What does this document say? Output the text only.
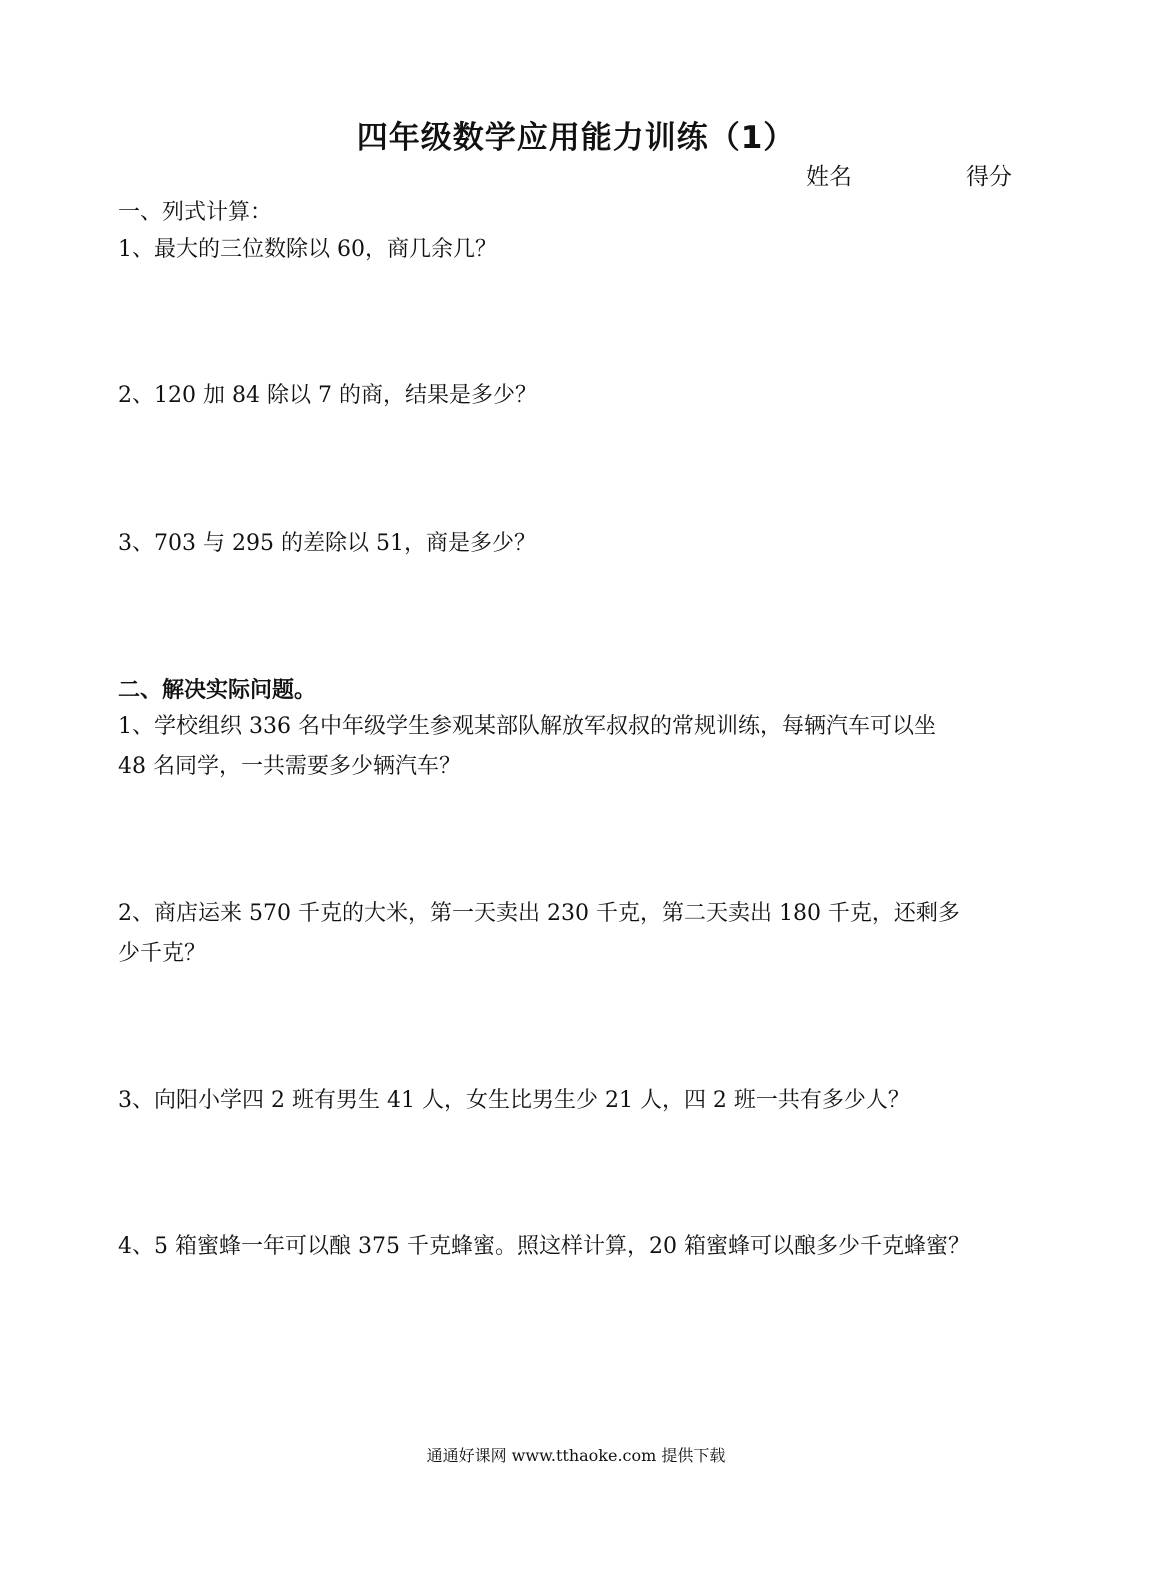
四年级数学应用能力训练（1）
姓名	得分
一、列式计算：
1、最大的三位数除以 60，商几余几？
2、120 加 84 除以 7 的商，结果是多少？
3、703 与 295 的差除以 51，商是多少？
二、解决实际问题。
1、学校组织 336 名中年级学生参观某部队解放军叔叔的常规训练，每辆汽车可以坐
48 名同学，一共需要多少辆汽车？
2、商店运来 570 千克的大米，第一天卖出 230 千克，第二天卖出 180 千克，还剩多
少千克？
3、向阳小学四 2 班有男生 41 人，女生比男生少 21 人，四 2 班一共有多少人？
4、5 箱蜜蜂一年可以酿 375 千克蜂蜜。照这样计算，20 箱蜜蜂可以酿多少千克蜂蜜？
通通好课网 www.tthaoke.com 提供下载
